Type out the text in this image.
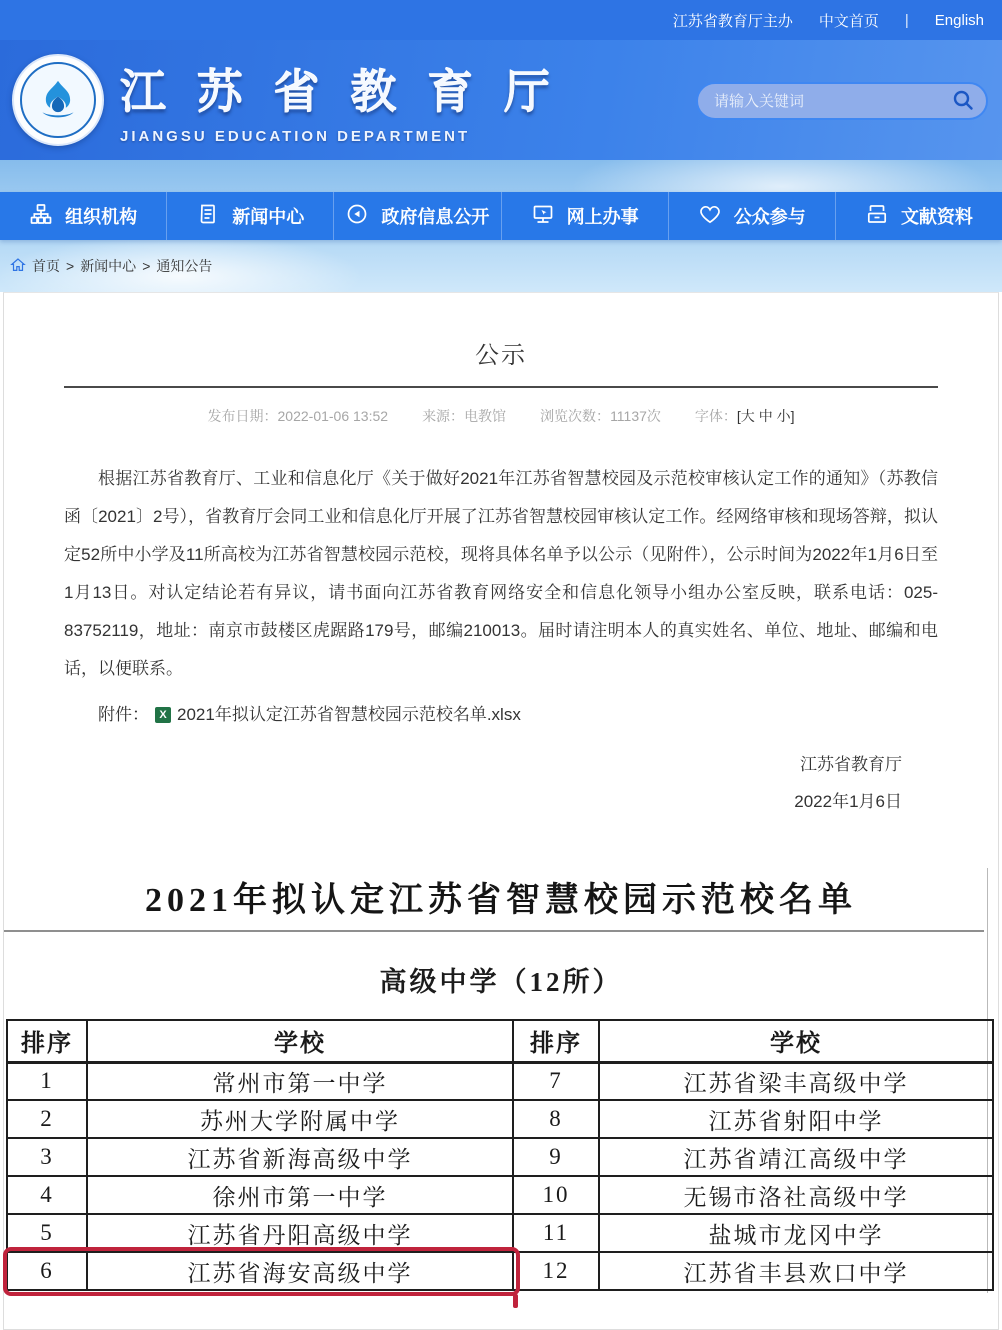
江苏省教育厅主办 中文首页 | English
江 苏 省 教 育 厅
JIANGSU EDUCATION DEPARTMENT
请输入关键词
组织机构	新闻中心	政府信息公开	网上办事	公众参与	文献资料
首页 > 新闻中心 > 通知公告
公示
发布日期：2022-01-06 13:52 来源：电教馆 浏览次数：11137次 字体：[大 中 小]

根据江苏省教育厅、工业和信息化厅《关于做好2021年江苏省智慧校园及示范校审核认定工作的通知》（苏教信函〔2021〕2号），省教育厅会同工业和信息化厅开展了江苏省智慧校园审核认定工作。经网络审核和现场答辩，拟认定52所中小学及11所高校为江苏省智慧校园示范校，现将具体名单予以公示（见附件），公示时间为2022年1月6日至1月13日。对认定结论若有异议，请书面向江苏省教育网络安全和信息化领导小组办公室反映，联系电话：025-83752119，地址：南京市鼓楼区虎踞路179号，邮编210013。届时请注明本人的真实姓名、单位、地址、邮编和电话，以便联系。

附件： X 2021年拟认定江苏省智慧校园示范校名单.xlsx
江苏省教育厅
2022年1月6日
2021年拟认定江苏省智慧校园示范校名单
高级中学（12所）
排序	学校	排序	学校
1	常州市第一中学	7	江苏省梁丰高级中学
2	苏州大学附属中学	8	江苏省射阳中学
3	江苏省新海高级中学	9	江苏省靖江高级中学
4	徐州市第一中学	10	无锡市洛社高级中学
5	江苏省丹阳高级中学	11	盐城市龙冈中学
6	江苏省海安高级中学	12	江苏省丰县欢口中学
